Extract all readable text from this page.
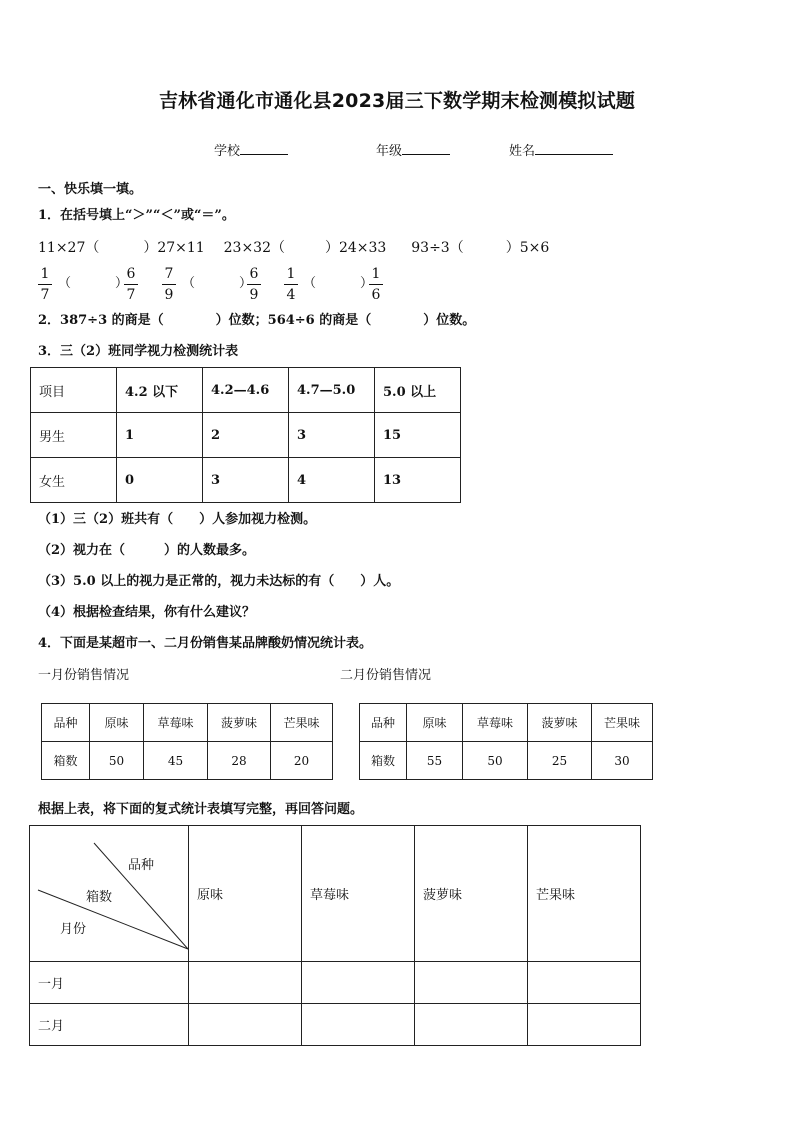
吉林省通化市通化县2023届三下数学期末检测模拟试题
学校	年级	姓名
一、快乐填一填。
1．在括号填上“＞”“＜”或“＝”。
11×27（	）27×11 23×32（	）24×33 93÷3（	）5×6
1
7
（	）
6
7
7
9
（	）
6
9
1
4
（	）
1
6
2．387÷3 的商是（	）位数；564÷6 的商是（	）位数。
3．三（2）班同学视力检测统计表
项目	4.2 以下	4.2—4.6	4.7—5.0	5.0 以上
男生	1	2	3	15
女生	0	3	4	13
（1）三（2）班共有（　　）人参加视力检测。
（2）视力在（　　　）的人数最多。
（3）5.0 以上的视力是正常的，视力未达标的有（　　）人。
（4）根据检查结果，你有什么建议？
4．下面是某超市一、二月份销售某品牌酸奶情况统计表。
一月份销售情况	二月份销售情况
品种	原味	草莓味	菠萝味	芒果味
箱数	50	45	28	20
品种	原味	草莓味	菠萝味	芒果味
箱数	55	50	25	30
根据上表，将下面的复式统计表填写完整，再回答问题。
品种
箱数
月份	原味	草莓味	菠萝味	芒果味
一月				
二月				
